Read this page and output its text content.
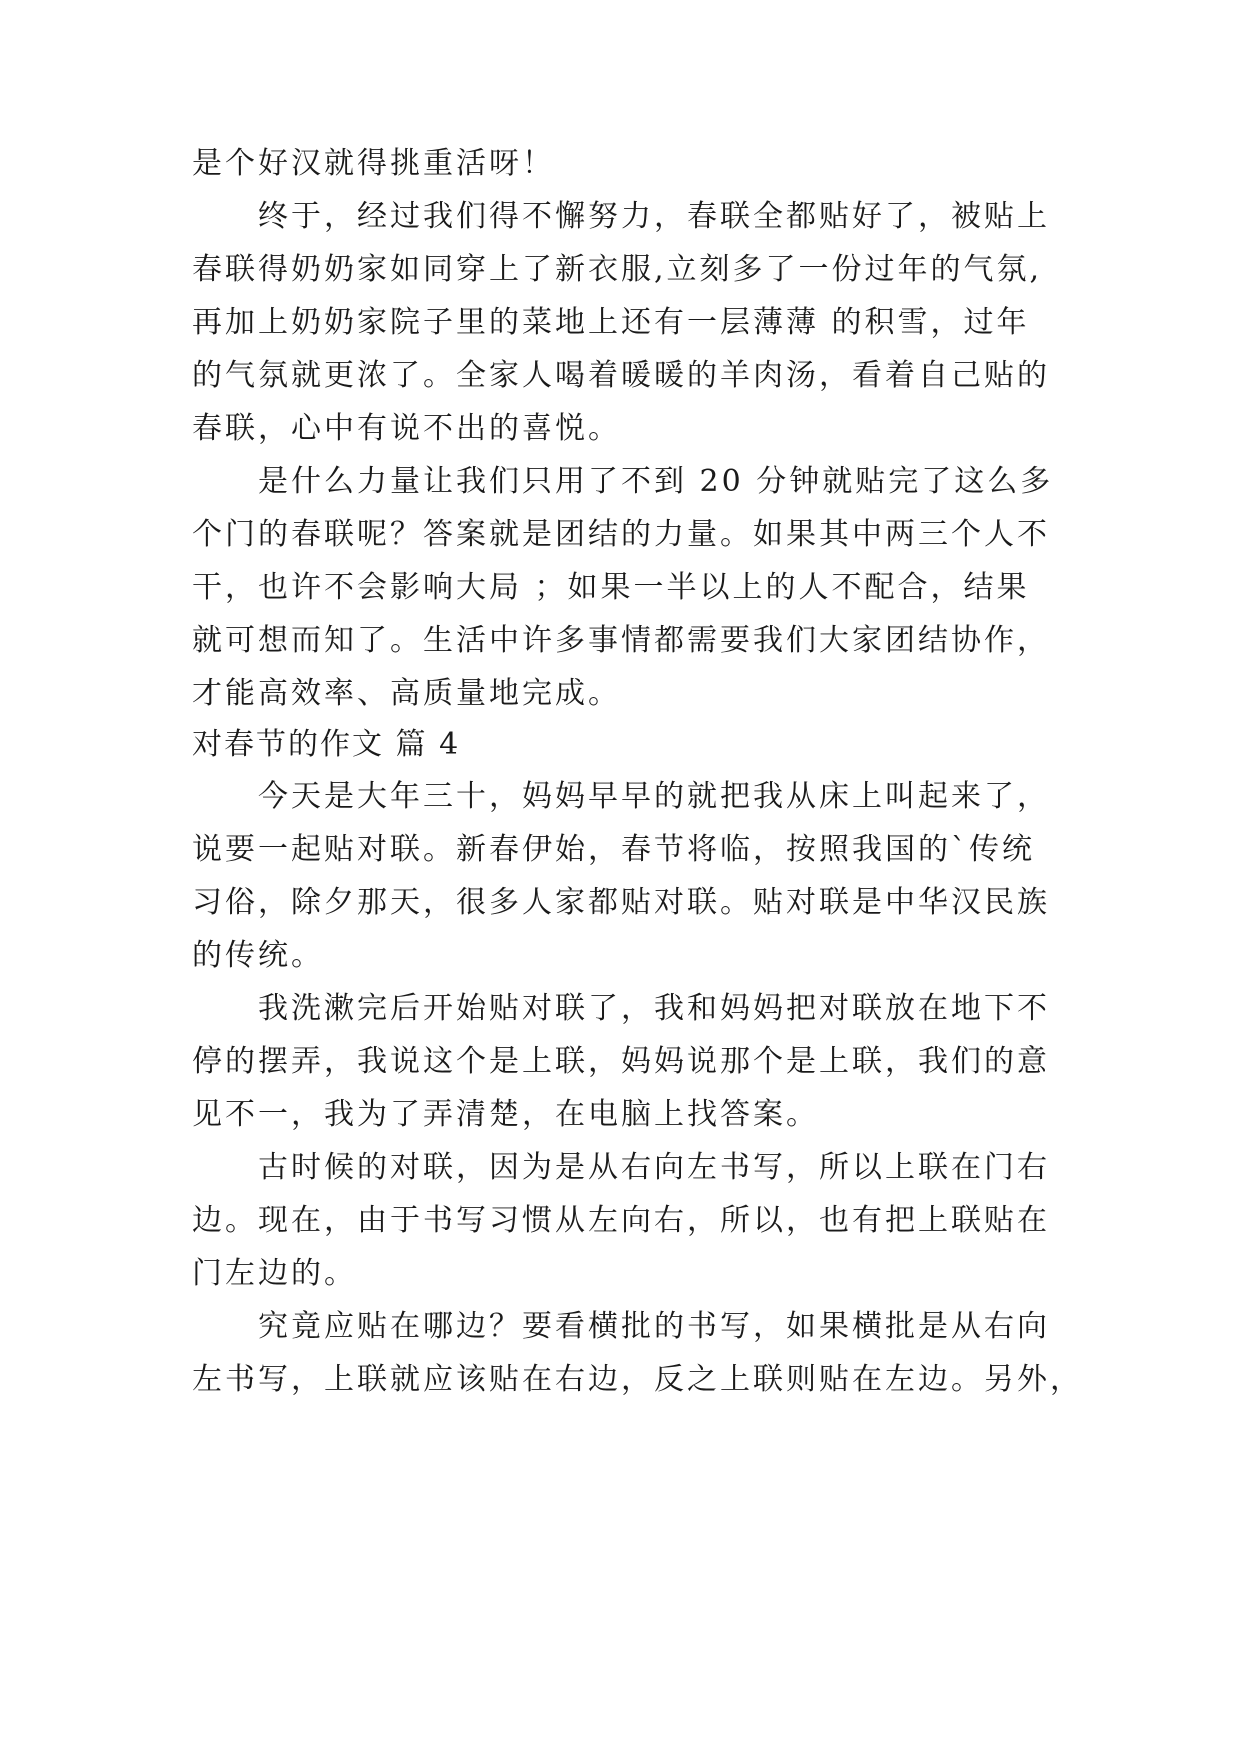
是个好汉就得挑重活呀！
终于，经过我们得不懈努力，春联全都贴好了，被贴上
春联得奶奶家如同穿上了新衣服,立刻多了一份过年的气氛,
再加上奶奶家院子里的菜地上还有一层薄薄 的积雪，过年
的气氛就更浓了。全家人喝着暖暖的羊肉汤，看着自己贴的
春联，心中有说不出的喜悦。
是什么力量让我们只用了不到 20 分钟就贴完了这么多
个门的春联呢？答案就是团结的力量。如果其中两三个人不
干，也许不会影响大局 ；如果一半以上的人不配合，结果
就可想而知了。生活中许多事情都需要我们大家团结协作，
才能高效率、高质量地完成。
对春节的作文 篇 4
今天是大年三十，妈妈早早的就把我从床上叫起来了，
说要一起贴对联。新春伊始，春节将临，按照我国的`传统
习俗，除夕那天，很多人家都贴对联。贴对联是中华汉民族
的传统。
我洗漱完后开始贴对联了，我和妈妈把对联放在地下不
停的摆弄，我说这个是上联，妈妈说那个是上联，我们的意
见不一，我为了弄清楚，在电脑上找答案。
古时候的对联，因为是从右向左书写，所以上联在门右
边。现在，由于书写习惯从左向右，所以，也有把上联贴在
门左边的。
究竟应贴在哪边？要看横批的书写，如果横批是从右向
左书写，上联就应该贴在右边，反之上联则贴在左边。另外，
